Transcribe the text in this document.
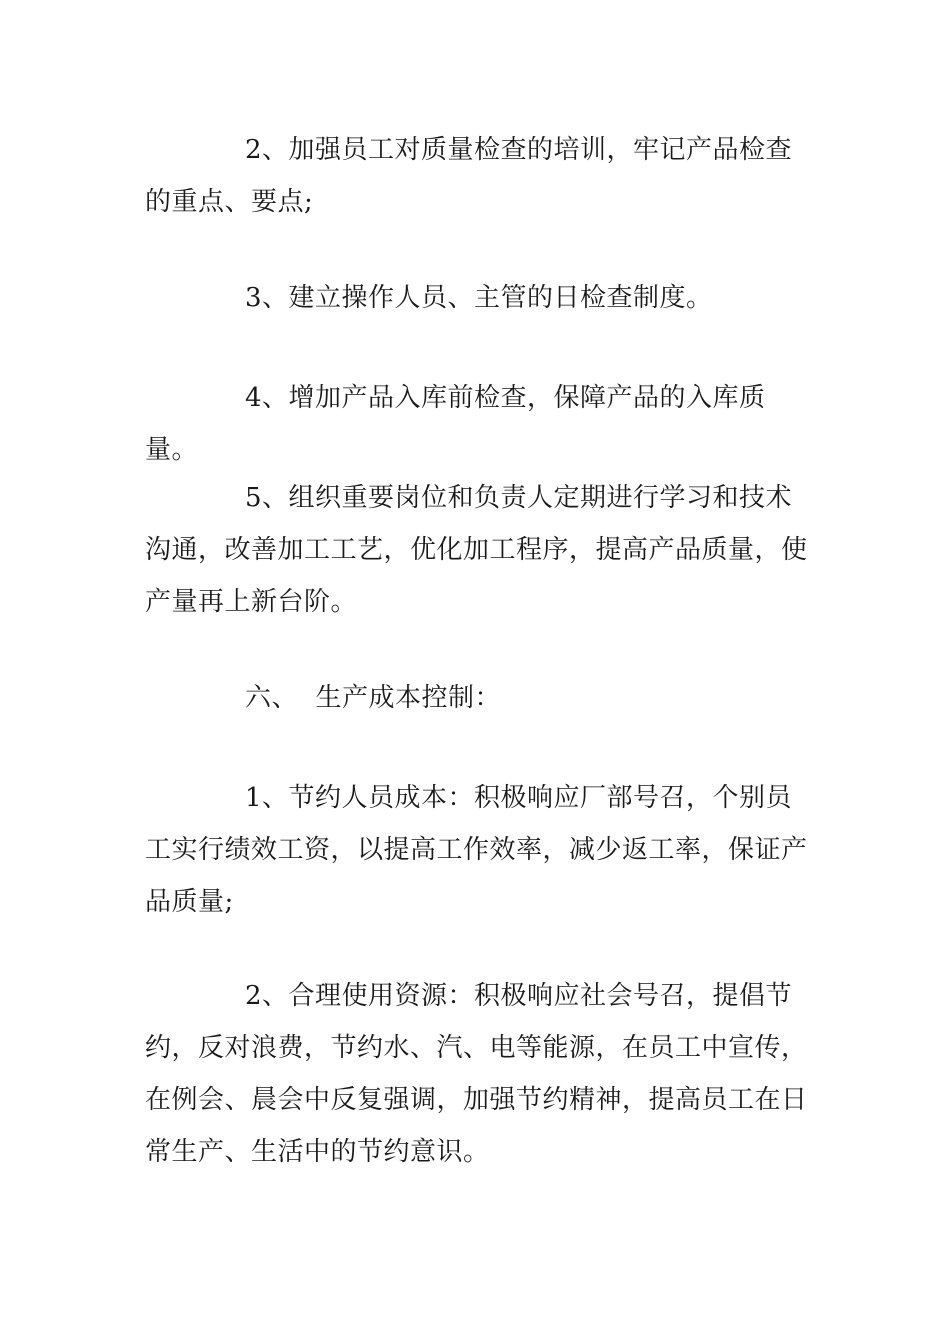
2、加强员工对质量检查的培训，牢记产品检查的重点、要点;

3、建立操作人员、主管的日检查制度。

4、增加产品入库前检查，保障产品的入库质量。

5、组织重要岗位和负责人定期进行学习和技术沟通，改善加工工艺，优化加工程序，提高产品质量，使产量再上新台阶。

六、  生产成本控制：

1、节约人员成本：积极响应厂部号召，个别员工实行绩效工资，以提高工作效率，减少返工率，保证产品质量;

2、合理使用资源：积极响应社会号召，提倡节约，反对浪费，节约水、汽、电等能源，在员工中宣传，在例会、晨会中反复强调，加强节约精神，提高员工在日常生产、生活中的节约意识。
